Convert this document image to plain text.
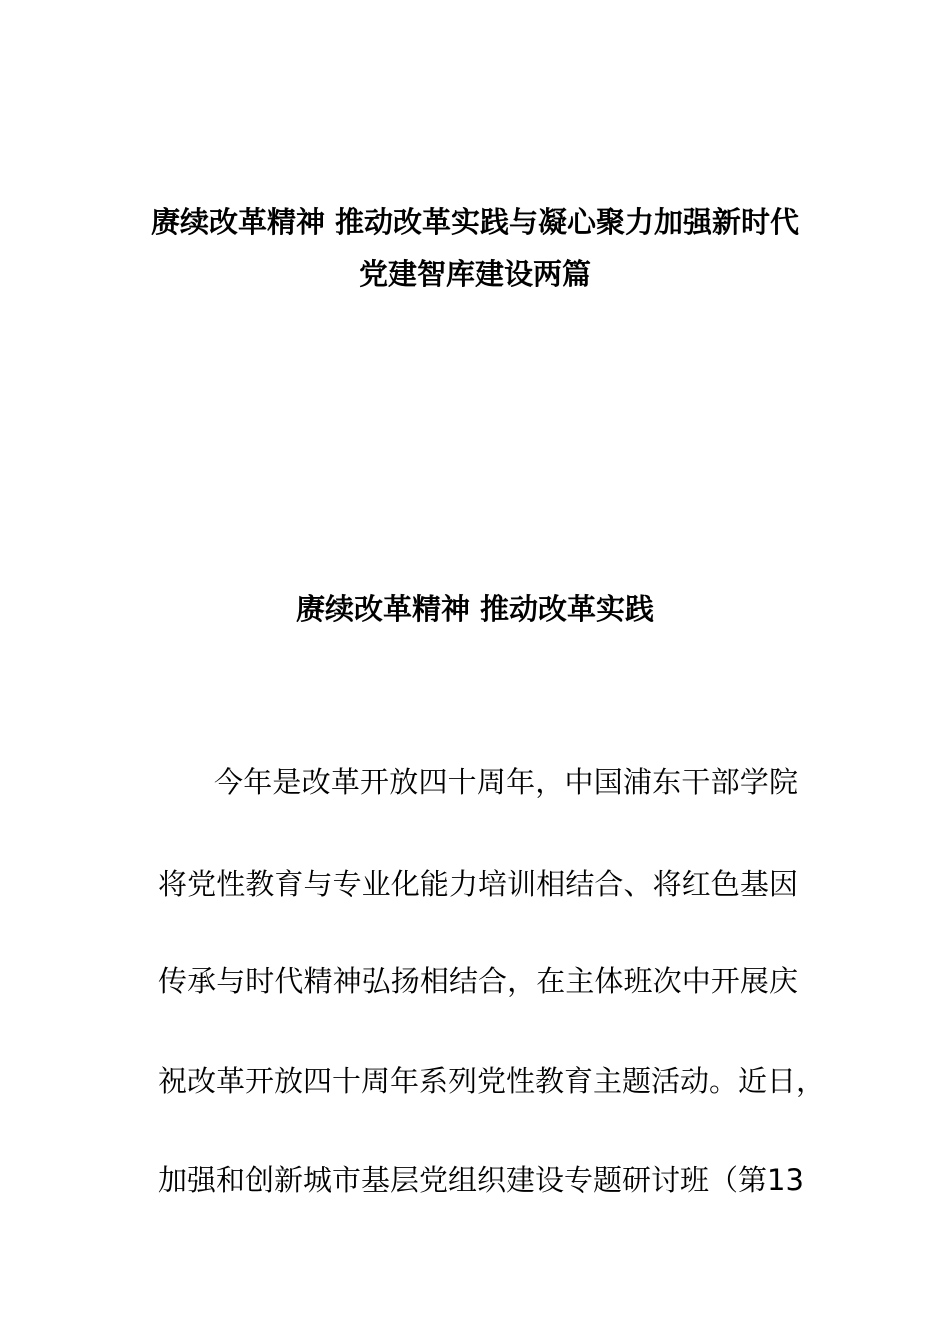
赓续改革精神 推动改革实践与凝心聚力加强新时代
党建智库建设两篇
赓续改革精神 推动改革实践

今年是改革开放四十周年，中国浦东干部学院

将党性教育与专业化能力培训相结合、将红色基因

传承与时代精神弘扬相结合，在主体班次中开展庆

祝改革开放四十周年系列党性教育主题活动。近日，

加强和创新城市基层党组织建设专题研讨班（第13
